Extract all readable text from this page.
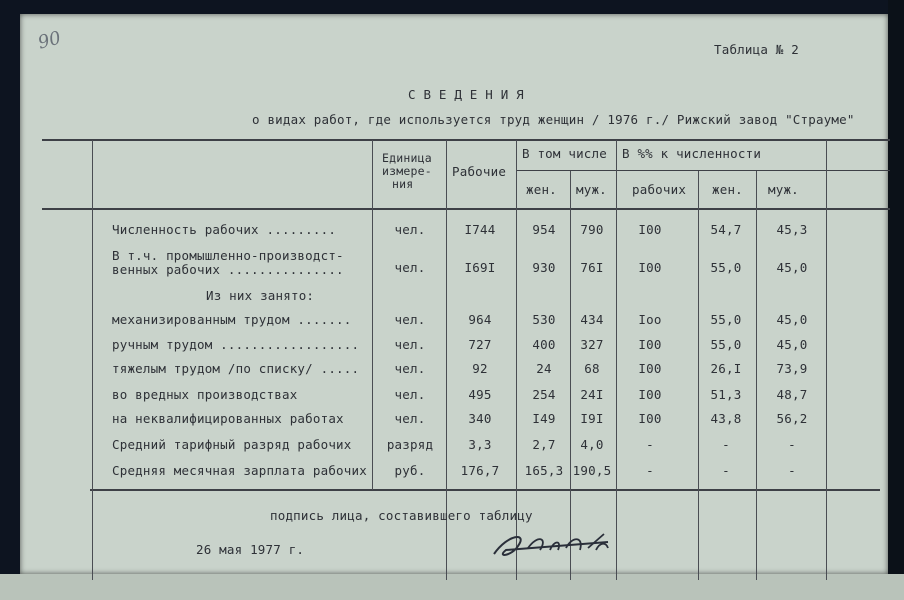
90	Таблица № 2
С В Е Д Е Н И Я
о видах работ, где используется труд женщин / 1976 г./ Рижский завод "Страуме"
Единица
измере-
ния
Рабочие
В том числе В %% к численности
жен. муж. рабочих жен. муж.
Численность рабочих .........	чел.	I744	954 790	I00	54,7	45,3
В т.ч. промышленно-производст-
венных рабочих ...............	чел.	I69I	930 76I	I00	55,0	45,0
Из них занято:
механизированным трудом .......	чел.	964	530 434	Ioo	55,0	45,0
ручным трудом ..................	чел.	727	400 327	I00	55,0	45,0
тяжелым трудом /по списку/ .....	чел.	92	24	68	I00	26,I	73,9
во вредных производствах	чел.	495	254 24I	I00	51,3	48,7
на неквалифицированных работах	чел.	340	I49 I9I	I00	43,8	56,2
Средний тарифный разряд рабочих	разряд	3,3	2,7 4,0	-	-	-
Средняя месячная зарплата рабочих руб.	176,7 165,3 190,5	-	-	-
подпись лица, составившего таблицу
26 мая 1977 г.
